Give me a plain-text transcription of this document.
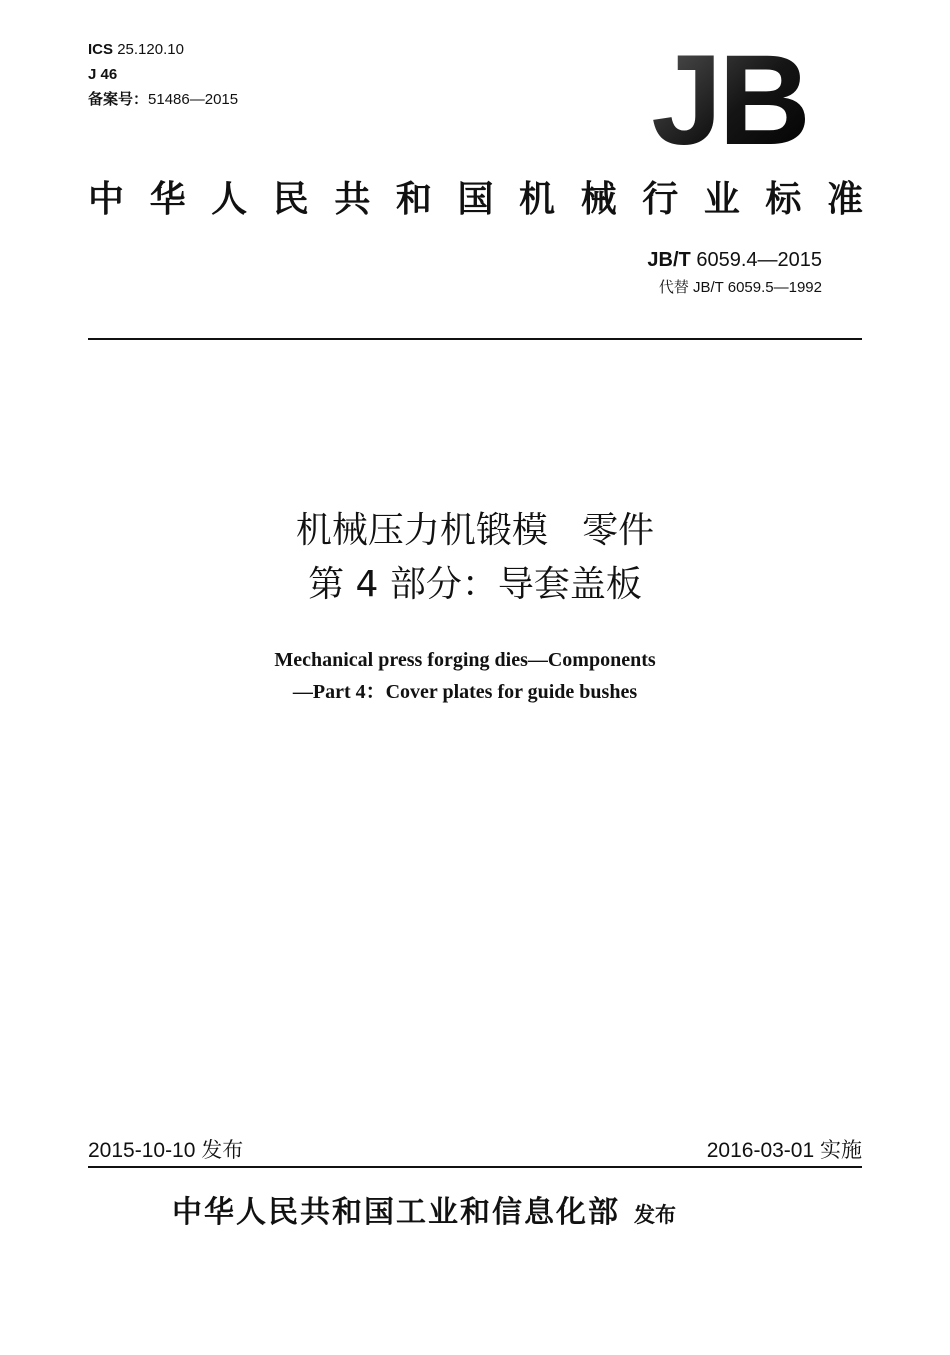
ICS 25.120.10
J 46
备案号：51486—2015	JB
中 华 人 民 共 和 国 机 械 行 业 标 准
JB/T 6059.4—2015
代替 JB/T 6059.5—1992
机械压力机锻模   零件
第 4 部分：导套盖板
Mechanical press forging dies—Components
—Part 4：Cover plates for guide bushes
2015-10-10 发布	2016-03-01 实施
中华人民共和国工业和信息化部 发布
